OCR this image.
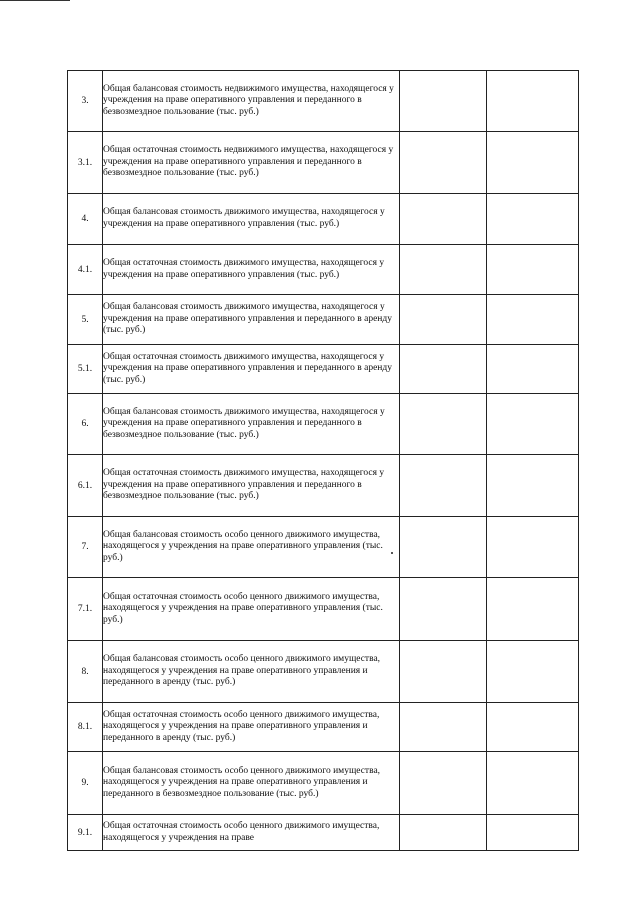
3.	Общая балансовая стоимость недвижимого имущества, находящегося у учреждения на праве оперативного управления и переданного в безвозмездное пользование (тыс. руб.)		
3.1.	Общая остаточная стоимость недвижимого имущества, находящегося у учреждения на праве оперативного управления и переданного в безвозмездное пользование (тыс. руб.)		
4.	Общая балансовая стоимость движимого имущества, находящегося у учреждения на праве оперативного управления (тыс. руб.)		
4.1.	Общая остаточная стоимость движимого имущества, находящегося у учреждения на праве оперативного управления (тыс. руб.)		
5.	Общая балансовая стоимость движимого имущества, находящегося у учреждения на праве оперативного управления и переданного в аренду (тыс. руб.)		
5.1.	Общая остаточная стоимость движимого имущества, находящегося у учреждения на праве оперативного управления и переданного в аренду (тыс. руб.)		
6.	Общая балансовая стоимость движимого имущества, находящегося у учреждения на праве оперативного управления и переданного в безвозмездное пользование (тыс. руб.)		
6.1.	Общая остаточная стоимость движимого имущества, находящегося у учреждения на праве оперативного управления и переданного в безвозмездное пользование (тыс. руб.)		
7.	Общая балансовая стоимость особо ценного движимого имущества, находящегося у учреждения на праве оперативного управления (тыс. руб.)		
7.1.	Общая остаточная стоимость особо ценного движимого имущества, находящегося у учреждения на праве оперативного управления (тыс. руб.)		
8.	Общая балансовая стоимость особо ценного движимого имущества, находящегося у учреждения на праве оперативного управления и переданного в аренду (тыс. руб.)		
8.1.	Общая остаточная стоимость особо ценного движимого имущества, находящегося у учреждения на праве оперативного управления и переданного в аренду (тыс. руб.)		
9.	Общая балансовая стоимость особо ценного движимого имущества, находящегося у учреждения на праве оперативного управления и переданного в безвозмездное пользование (тыс. руб.)		
9.1.	Общая остаточная стоимость особо ценного движимого имущества, находящегося у учреждения на праве		
